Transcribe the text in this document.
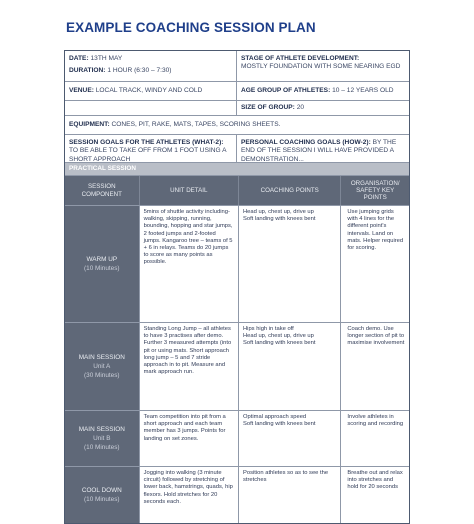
EXAMPLE COACHING SESSION PLAN
DATE: 13TH MAY
DURATION: 1 HOUR (6:30 – 7:30)
STAGE OF ATHLETE DEVELOPMENT:
MOSTLY FOUNDATION WITH SOME NEARING EGD
VENUE: LOCAL TRACK, WINDY AND COLD	AGE GROUP OF ATHLETES: 10 – 12 YEARS OLD
SIZE OF GROUP: 20
EQUIPMENT: CONES, PIT, RAKE, MATS, TAPES, SCORING SHEETS.
SESSION GOALS FOR THE ATHLETES (WHAT-2): TO BE ABLE TO TAKE OFF FROM 1 FOOT USING A SHORT APPROACH
PERSONAL COACHING GOALS (HOW-2): BY THE END OF THE SESSION I WILL HAVE PROVIDED A DEMONSTRATION...
PRACTICAL SESSION
SESSION COMPONENT
UNIT DETAIL	COACHING POINTS
ORGANISATION/ SAFETY KEY POINTS
WARM UP
(10 Minutes)
5mins of shuttle activity including- walking, skipping, running, bounding, hopping and star jumps, 2 footed jumps and 2-footed jumps. Kangaroo tree – teams of 5 + 6 in relays. Teams do 20 jumps to score as many points as possible.
Head up, chest up, drive up
Soft landing with knees bent
Use jumping grids with 4 lines for the different point's intervals. Land on mats. Helper required for scoring.
MAIN SESSION
Unit A
(30 Minutes)
Standing Long Jump – all athletes to have 3 practises after demo. Further 3 measured attempts (into pit or using mats. Short approach long jump – 5 and 7 stride approach in to pit. Measure and mark approach run.
Hips high in take off
Head up, chest up, drive up
Soft landing with knees bent
Coach demo. Use longer section of pit to maximise involvement
MAIN SESSION
Unit B
(10 Minutes)
Team competition into pit from a short approach and each team member has 3 jumps. Points for landing on set zones.
Optimal approach speed
Soft landing with knees bent
Involve athletes in scoring and recording
COOL DOWN
(10 Minutes)
Jogging into walking (3 minute circuit) followed by stretching of lower back, hamstrings, quads, hip flexors. Hold stretches for 20 seconds each.
Position athletes so as to see the stretches
Breathe out and relax into stretches and hold for 20 seconds
